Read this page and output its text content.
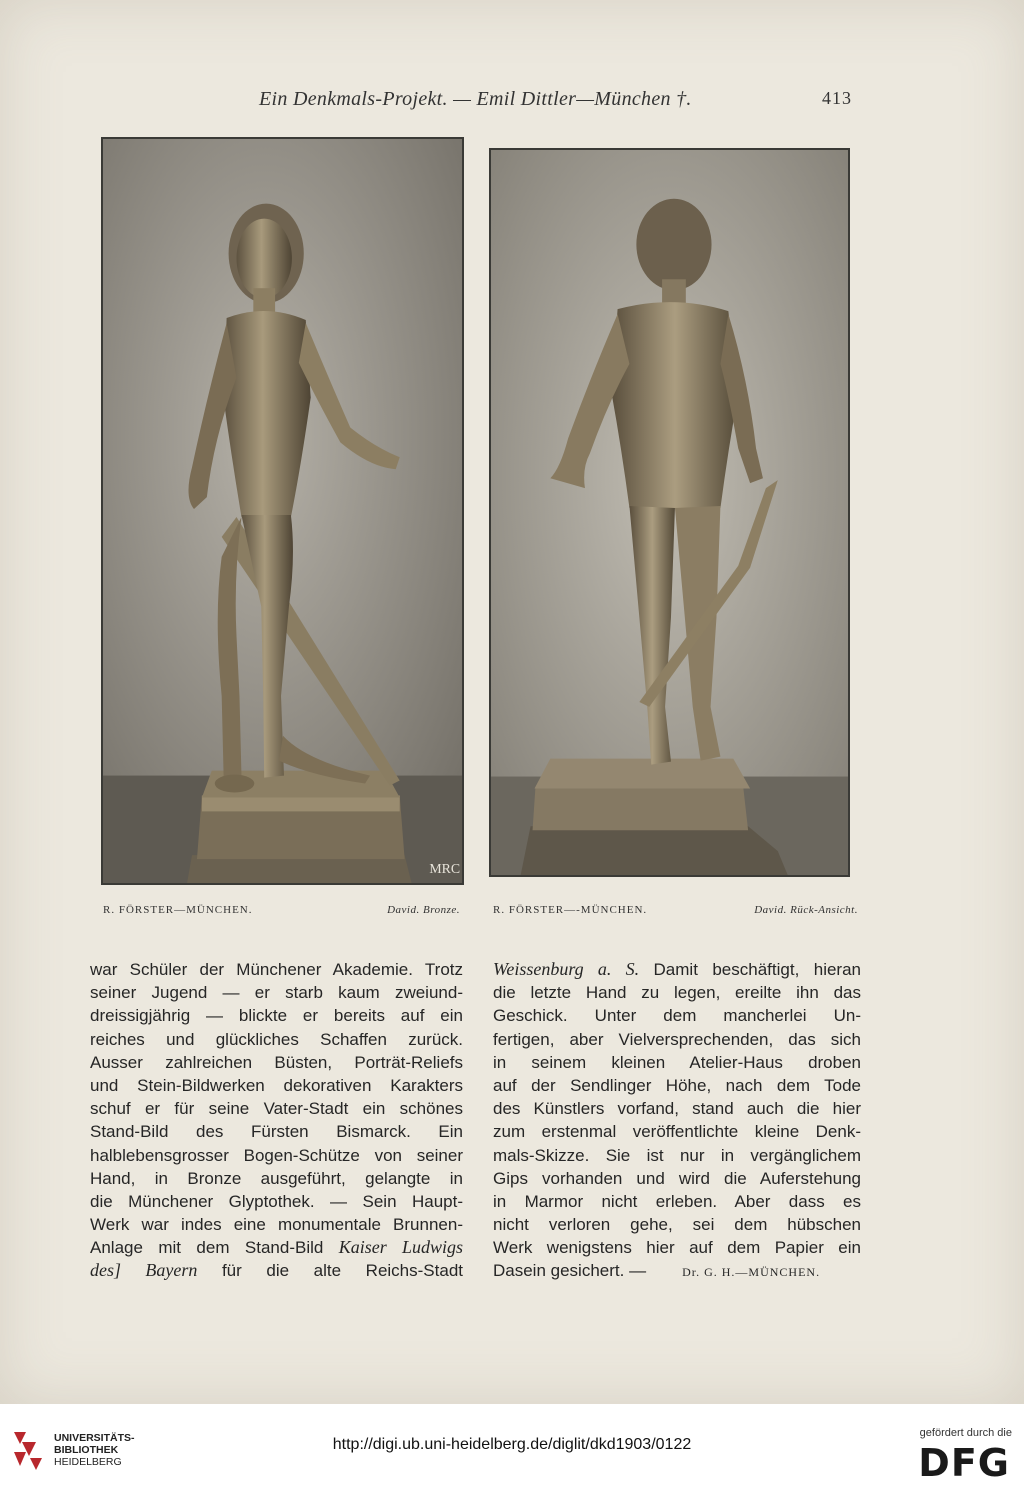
Ein Denkmals-Projekt. — Emil Dittler—München †.	413
MRC
R. FÖRSTER—MÜNCHEN.	David. Bronze.	R. FÖRSTER—-MÜNCHEN.	David. Rück-Ansicht.
war Schüler der Münchener Akademie. Trotz
seiner Jugend — er starb kaum zweiund-
dreissigjährig — blickte er bereits auf ein
reiches und glückliches Schaffen zurück.
Ausser zahlreichen Büsten, Porträt-Reliefs
und Stein-Bildwerken dekorativen Karakters
schuf er für seine Vater-Stadt ein schönes
Stand-Bild des Fürsten Bismarck. Ein
halblebensgrosser Bogen-Schütze von seiner
Hand, in Bronze ausgeführt, gelangte in
die Münchener Glyptothek. — Sein Haupt-
Werk war indes eine monumentale Brunnen-
Anlage mit dem Stand-Bild Kaiser Ludwigs
des] Bayern für die alte Reichs-Stadt
Weissenburg a. S. Damit beschäftigt, hieran
die letzte Hand zu legen, ereilte ihn das
Geschick. Unter dem mancherlei Un-
fertigen, aber Vielversprechenden, das sich
in seinem kleinen Atelier-Haus droben
auf der Sendlinger Höhe, nach dem Tode
des Künstlers vorfand, stand auch die hier
zum erstenmal veröffentlichte kleine Denk-
mals-Skizze. Sie ist nur in vergänglichem
Gips vorhanden und wird die Auferstehung
in Marmor nicht erleben. Aber dass es
nicht verloren gehe, sei dem hübschen
Werk wenigstens hier auf dem Papier ein
Dasein gesichert. —	Dr. G. H.—MÜNCHEN.
UNIVERSITÄTS-
BIBLIOTHEK
HEIDELBERG
http://digi.ub.uni-heidelberg.de/diglit/dkd1903/0122
gefördert durch die
DFG
